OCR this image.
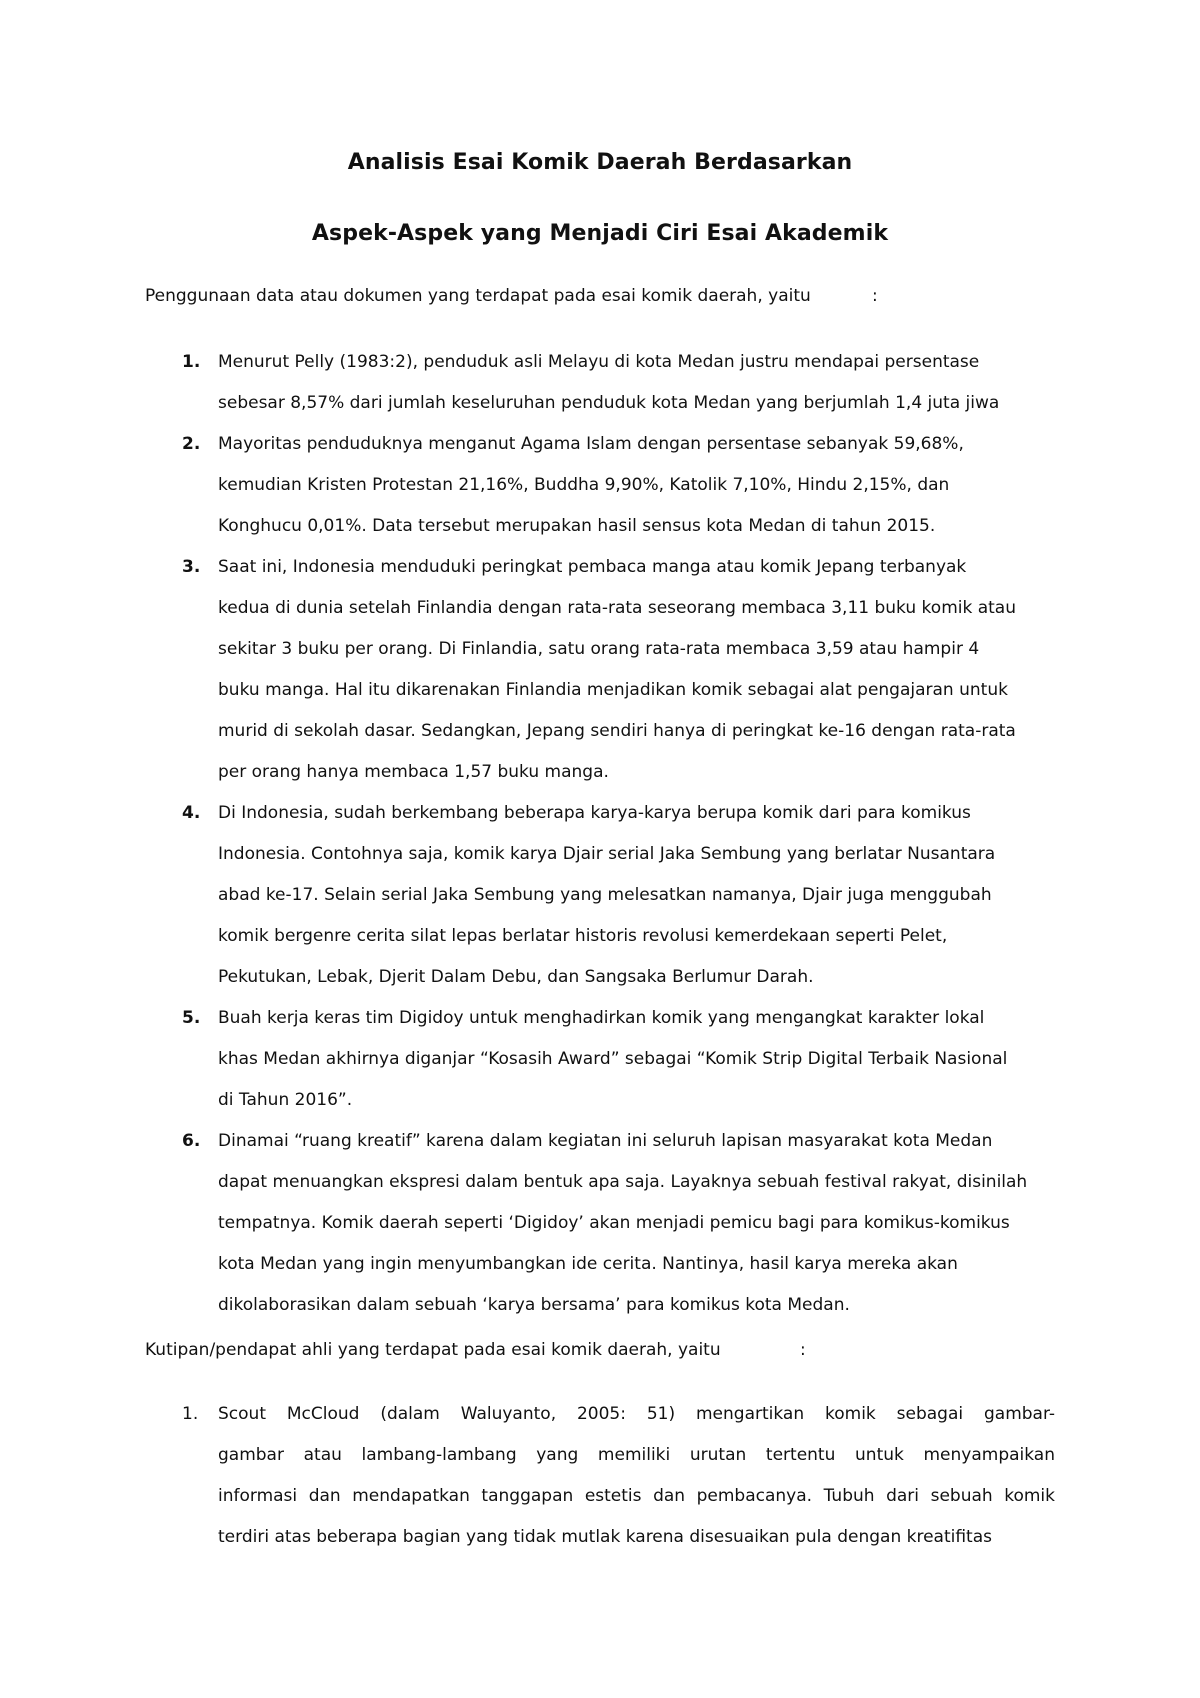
Analisis Esai Komik Daerah Berdasarkan
Aspek-Aspek yang Menjadi Ciri Esai Akademik
Penggunaan data atau dokumen yang terdapat pada esai komik daerah, yaitu	:
1. Menurut Pelly (1983:2), penduduk asli Melayu di kota Medan justru mendapai persentase
sebesar 8,57% dari jumlah keseluruhan penduduk kota Medan yang berjumlah 1,4 juta jiwa
2. Mayoritas penduduknya menganut Agama Islam dengan persentase sebanyak 59,68%,
kemudian Kristen Protestan 21,16%, Buddha 9,90%, Katolik 7,10%, Hindu 2,15%, dan
Konghucu 0,01%. Data tersebut merupakan hasil sensus kota Medan di tahun 2015.
3. Saat ini, Indonesia menduduki peringkat pembaca manga atau komik Jepang terbanyak
kedua di dunia setelah Finlandia dengan rata-rata seseorang membaca 3,11 buku komik atau
sekitar 3 buku per orang. Di Finlandia, satu orang rata-rata membaca 3,59 atau hampir 4
buku manga. Hal itu dikarenakan Finlandia menjadikan komik sebagai alat pengajaran untuk
murid di sekolah dasar. Sedangkan, Jepang sendiri hanya di peringkat ke-16 dengan rata-rata
per orang hanya membaca 1,57 buku manga.
4. Di Indonesia, sudah berkembang beberapa karya-karya berupa komik dari para komikus
Indonesia. Contohnya saja, komik karya Djair serial Jaka Sembung yang berlatar Nusantara
abad ke-17. Selain serial Jaka Sembung yang melesatkan namanya, Djair juga menggubah
komik bergenre cerita silat lepas berlatar historis revolusi kemerdekaan seperti Pelet,
Pekutukan, Lebak, Djerit Dalam Debu, dan Sangsaka Berlumur Darah.
5. Buah kerja keras tim Digidoy untuk menghadirkan komik yang mengangkat karakter lokal
khas Medan akhirnya diganjar “Kosasih Award” sebagai “Komik Strip Digital Terbaik Nasional
di Tahun 2016”.
6. Dinamai “ruang kreatif” karena dalam kegiatan ini seluruh lapisan masyarakat kota Medan
dapat menuangkan ekspresi dalam bentuk apa saja. Layaknya sebuah festival rakyat, disinilah
tempatnya. Komik daerah seperti ‘Digidoy’ akan menjadi pemicu bagi para komikus-komikus
kota Medan yang ingin menyumbangkan ide cerita. Nantinya, hasil karya mereka akan
dikolaborasikan dalam sebuah ‘karya bersama’ para komikus kota Medan.
Kutipan/pendapat ahli yang terdapat pada esai komik daerah, yaitu	:
1. Scout McCloud (dalam Waluyanto, 2005: 51) mengartikan komik sebagai gambar-
gambar atau lambang-lambang yang memiliki urutan tertentu untuk menyampaikan
informasi dan mendapatkan tanggapan estetis dan pembacanya. Tubuh dari sebuah komik
terdiri atas beberapa bagian yang tidak mutlak karena disesuaikan pula dengan kreatifitas
